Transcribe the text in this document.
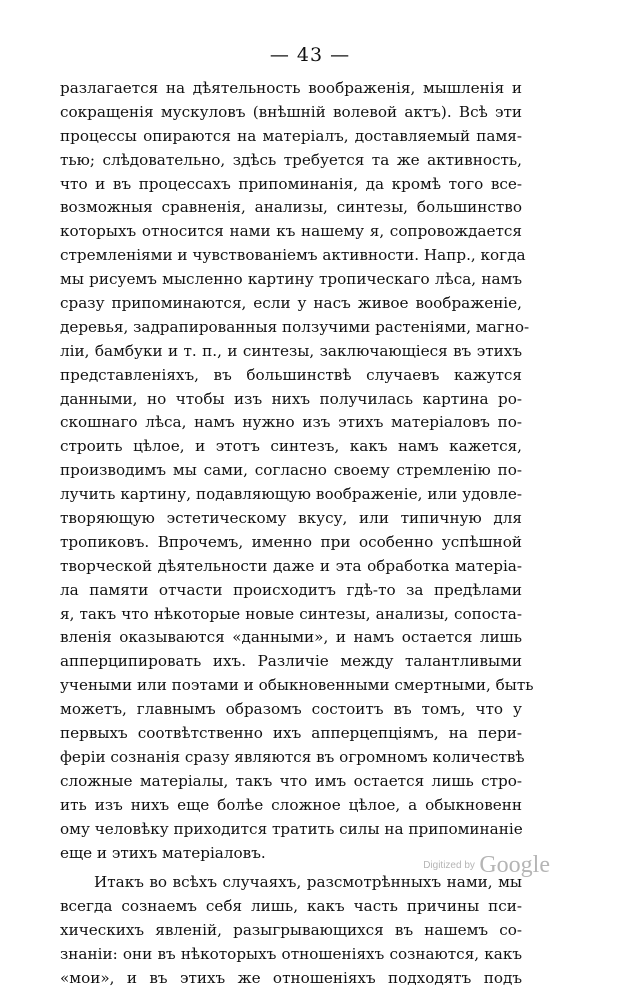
— 43 —
разлагается на дѣятельность воображенія, мышленія и
сокращенія мускуловъ (внѣшній волевой актъ). Всѣ эти
процессы опираются на матеріалъ, доставляемый памя-
тью; слѣдовательно, здѣсь требуется та же активность,
что и въ процессахъ припоминанія, да кромѣ того все-
возможныя сравненія, анализы, синтезы, большинство
которыхъ относится нами къ нашему я, сопровождается
стремленіями и чувствованіемъ активности. Напр., когда
мы рисуемъ мысленно картину тропическаго лѣса, намъ
сразу припоминаются, если у насъ живое воображеніе,
деревья, задрапированныя ползучими растеніями, магно-
ліи, бамбуки и т. п., и синтезы, заключающіеся въ этихъ
представленіяхъ, въ большинствѣ случаевъ кажутся
данными, но чтобы изъ нихъ получилась картина ро-
скошнаго лѣса, намъ нужно изъ этихъ матеріаловъ по-
строить цѣлое, и этотъ синтезъ, какъ намъ кажется,
производимъ мы сами, согласно своему стремленію по-
лучить картину, подавляющую воображеніе, или удовле-
творяющую эстетическому вкусу, или типичную для
тропиковъ. Впрочемъ, именно при особенно успѣшной
творческой дѣятельности даже и эта обработка матеріа-
ла памяти отчасти происходитъ гдѣ-то за предѣлами
я, такъ что нѣкоторые новые синтезы, анализы, сопоста-
вленія оказываются «данными», и намъ остается лишь
апперципировать ихъ. Различіе между талантливыми
учеными или поэтами и обыкновенными смертными, быть
можетъ, главнымъ образомъ состоитъ въ томъ, что у
первыхъ соотвѣтственно ихъ апперцепціямъ, на пери-
феріи сознанія сразу являются въ огромномъ количествѣ
сложные матеріалы, такъ что имъ остается лишь стро-
ить изъ нихъ еще болѣе сложное цѣлое, а обыкновенн
ому человѣку приходится тратить силы на припоминаніе
еще и этихъ матеріаловъ.
Итакъ во всѣхъ случаяхъ, разсмотрѣнныхъ нами, мы
всегда сознаемъ себя лишь, какъ часть причины пси-
хическихъ явленій, разыгрывающихся въ нашемъ со-
знаніи: они въ нѣкоторыхъ отношеніяхъ сознаются, какъ
«мои», и въ этихъ же отношеніяхъ подходятъ подъ
Digitized by Google
